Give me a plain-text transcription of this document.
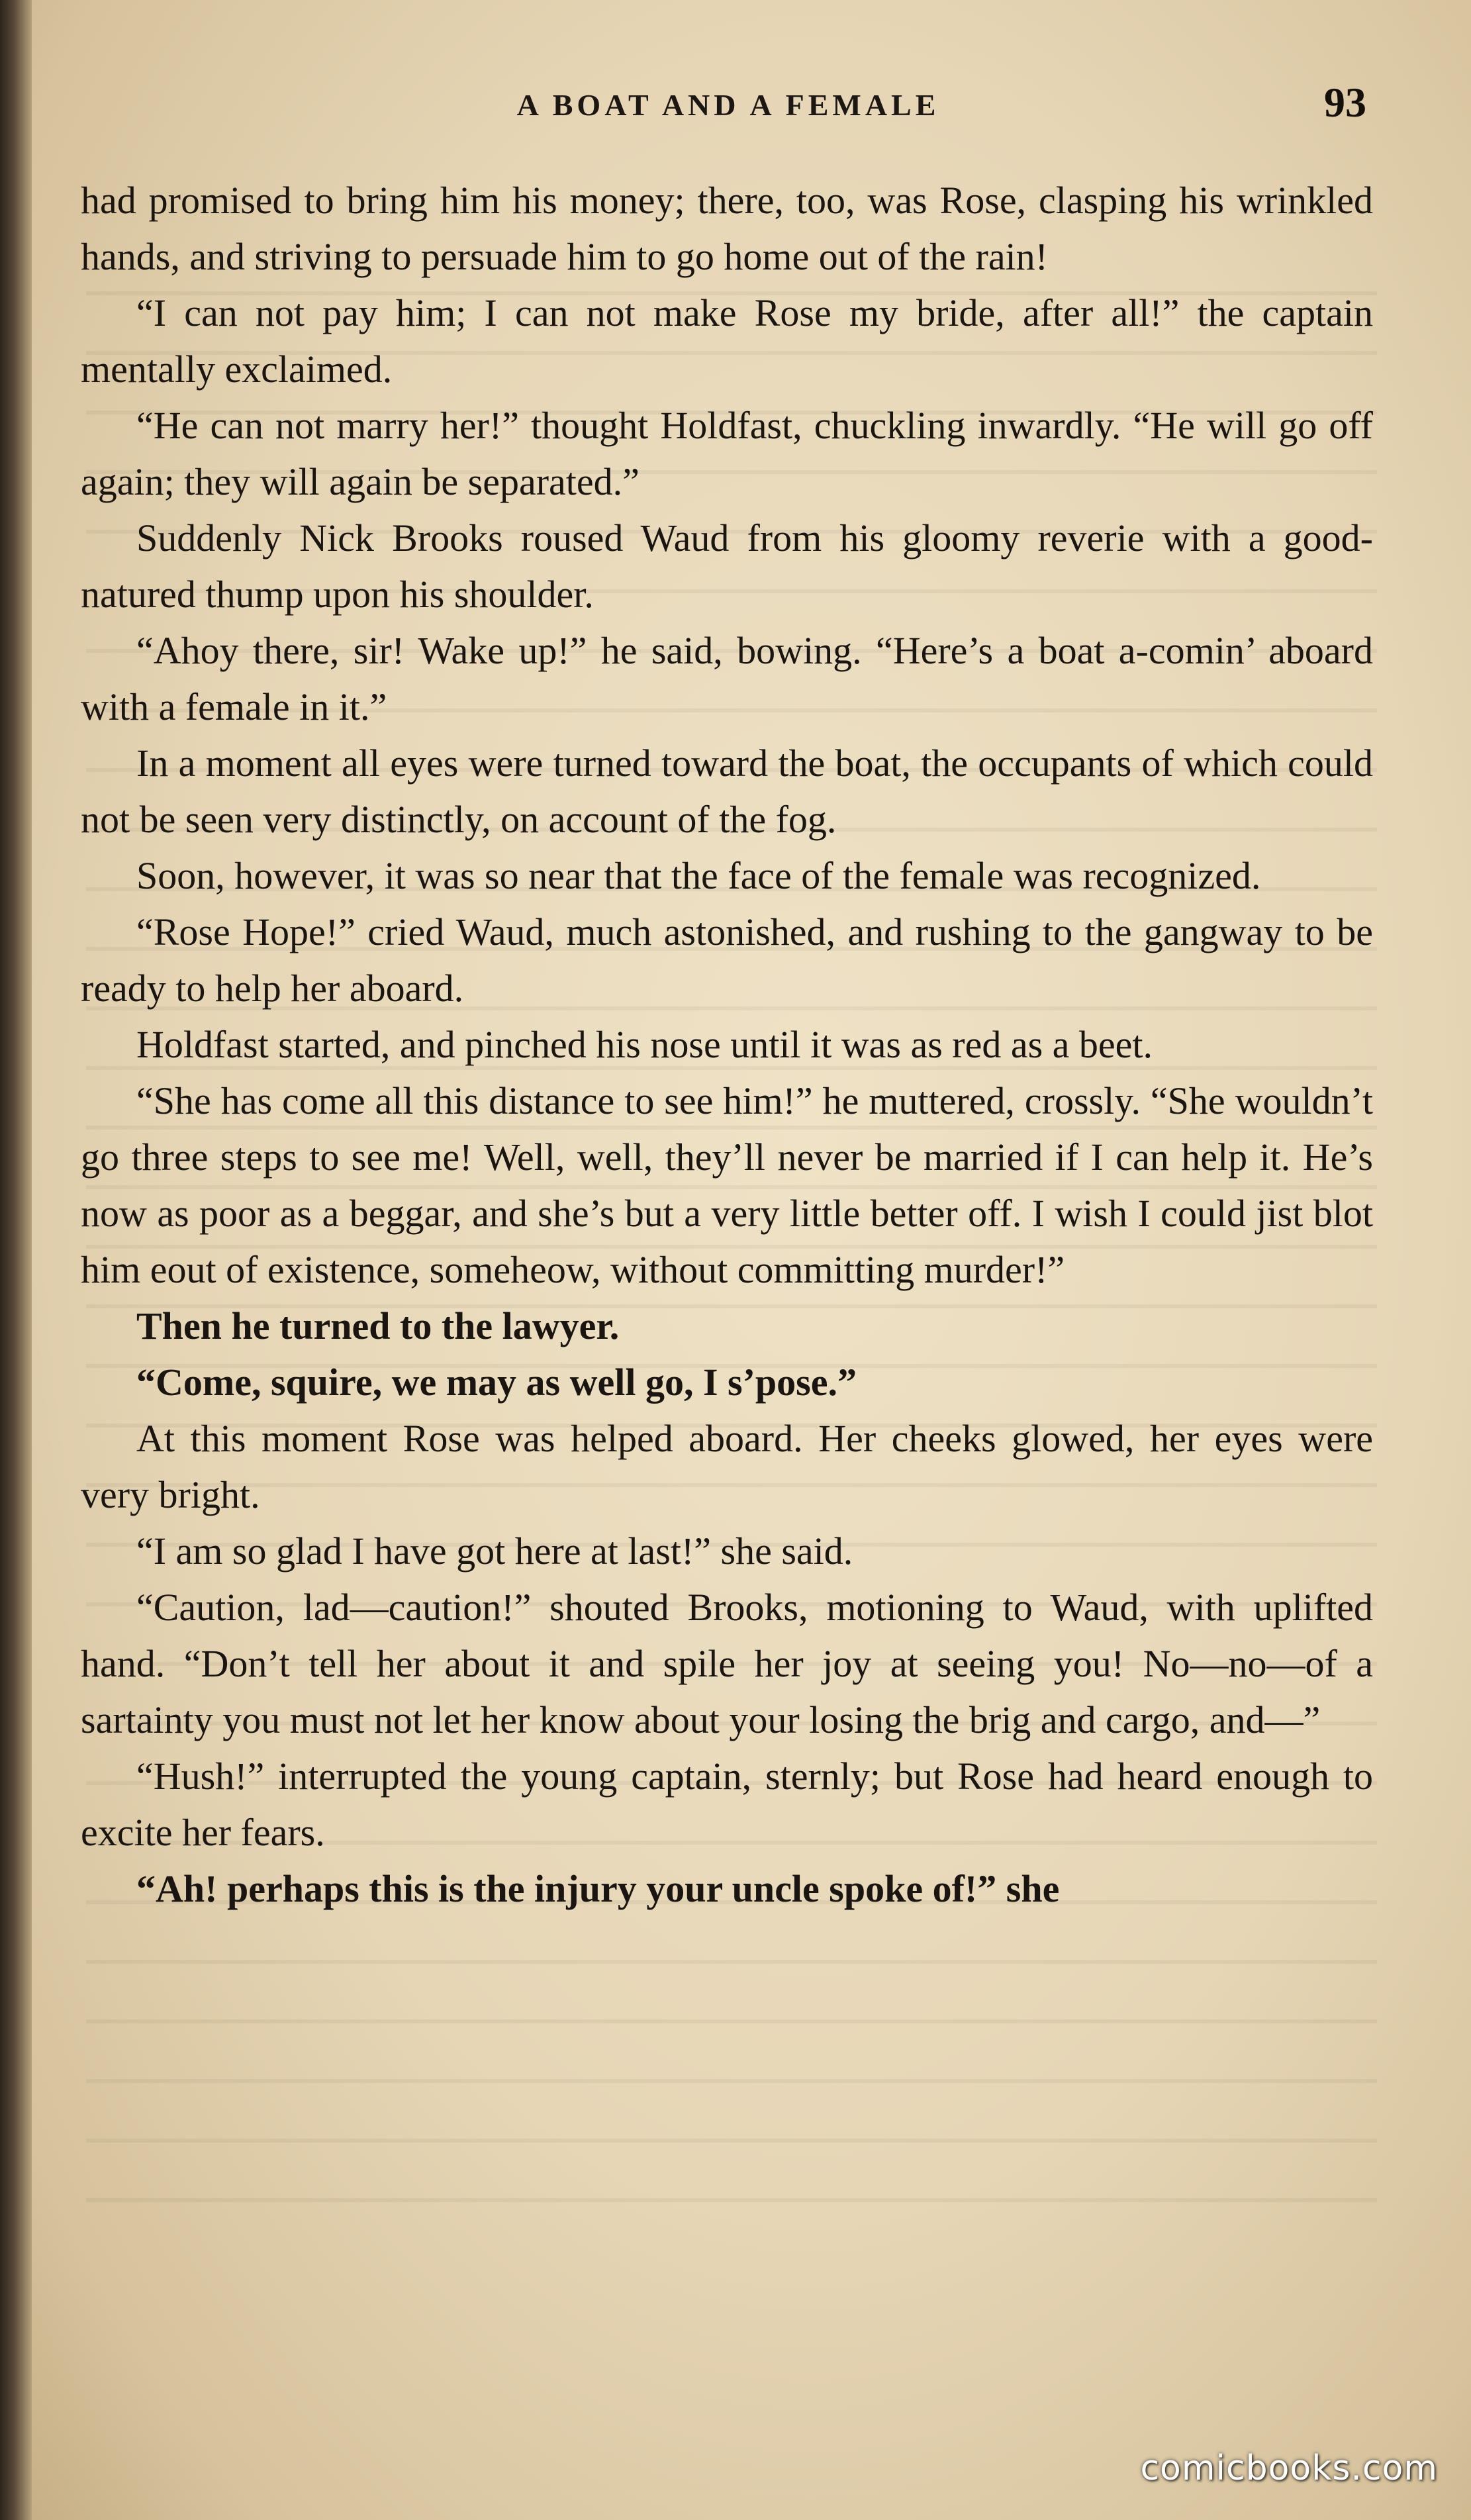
A BOAT AND A FEMALE	93

had promised to bring him his money; there, too, was Rose, clasping his wrinkled hands, and striving to persuade him to go home out of the rain!

“I can not pay him; I can not make Rose my bride, after all!” the captain mentally exclaimed.

“He can not marry her!” thought Holdfast, chuckling inwardly. “He will go off again; they will again be separated.”

Suddenly Nick Brooks roused Waud from his gloomy reverie with a good-natured thump upon his shoulder.

“Ahoy there, sir! Wake up!” he said, bowing. “Here’s a boat a-comin’ aboard with a female in it.”

In a moment all eyes were turned toward the boat, the occupants of which could not be seen very distinctly, on account of the fog.

Soon, however, it was so near that the face of the female was recognized.

“Rose Hope!” cried Waud, much astonished, and rushing to the gangway to be ready to help her aboard.

Holdfast started, and pinched his nose until it was as red as a beet.

“She has come all this distance to see him!” he muttered, crossly. “She wouldn’t go three steps to see me! Well, well, they’ll never be married if I can help it. He’s now as poor as a beggar, and she’s but a very little better off. I wish I could jist blot him eout of existence, someheow, without committing murder!”

Then he turned to the lawyer.

“Come, squire, we may as well go, I s’pose.”

At this moment Rose was helped aboard. Her cheeks glowed, her eyes were very bright.

“I am so glad I have got here at last!” she said.

“Caution, lad—caution!” shouted Brooks, motioning to Waud, with uplifted hand. “Don’t tell her about it and spile her joy at seeing you! No—no—of a sartainty you must not let her know about your losing the brig and cargo, and—”

“Hush!” interrupted the young captain, sternly; but Rose had heard enough to excite her fears.

“Ah! perhaps this is the injury your uncle spoke of!” she

comicbooks.com
